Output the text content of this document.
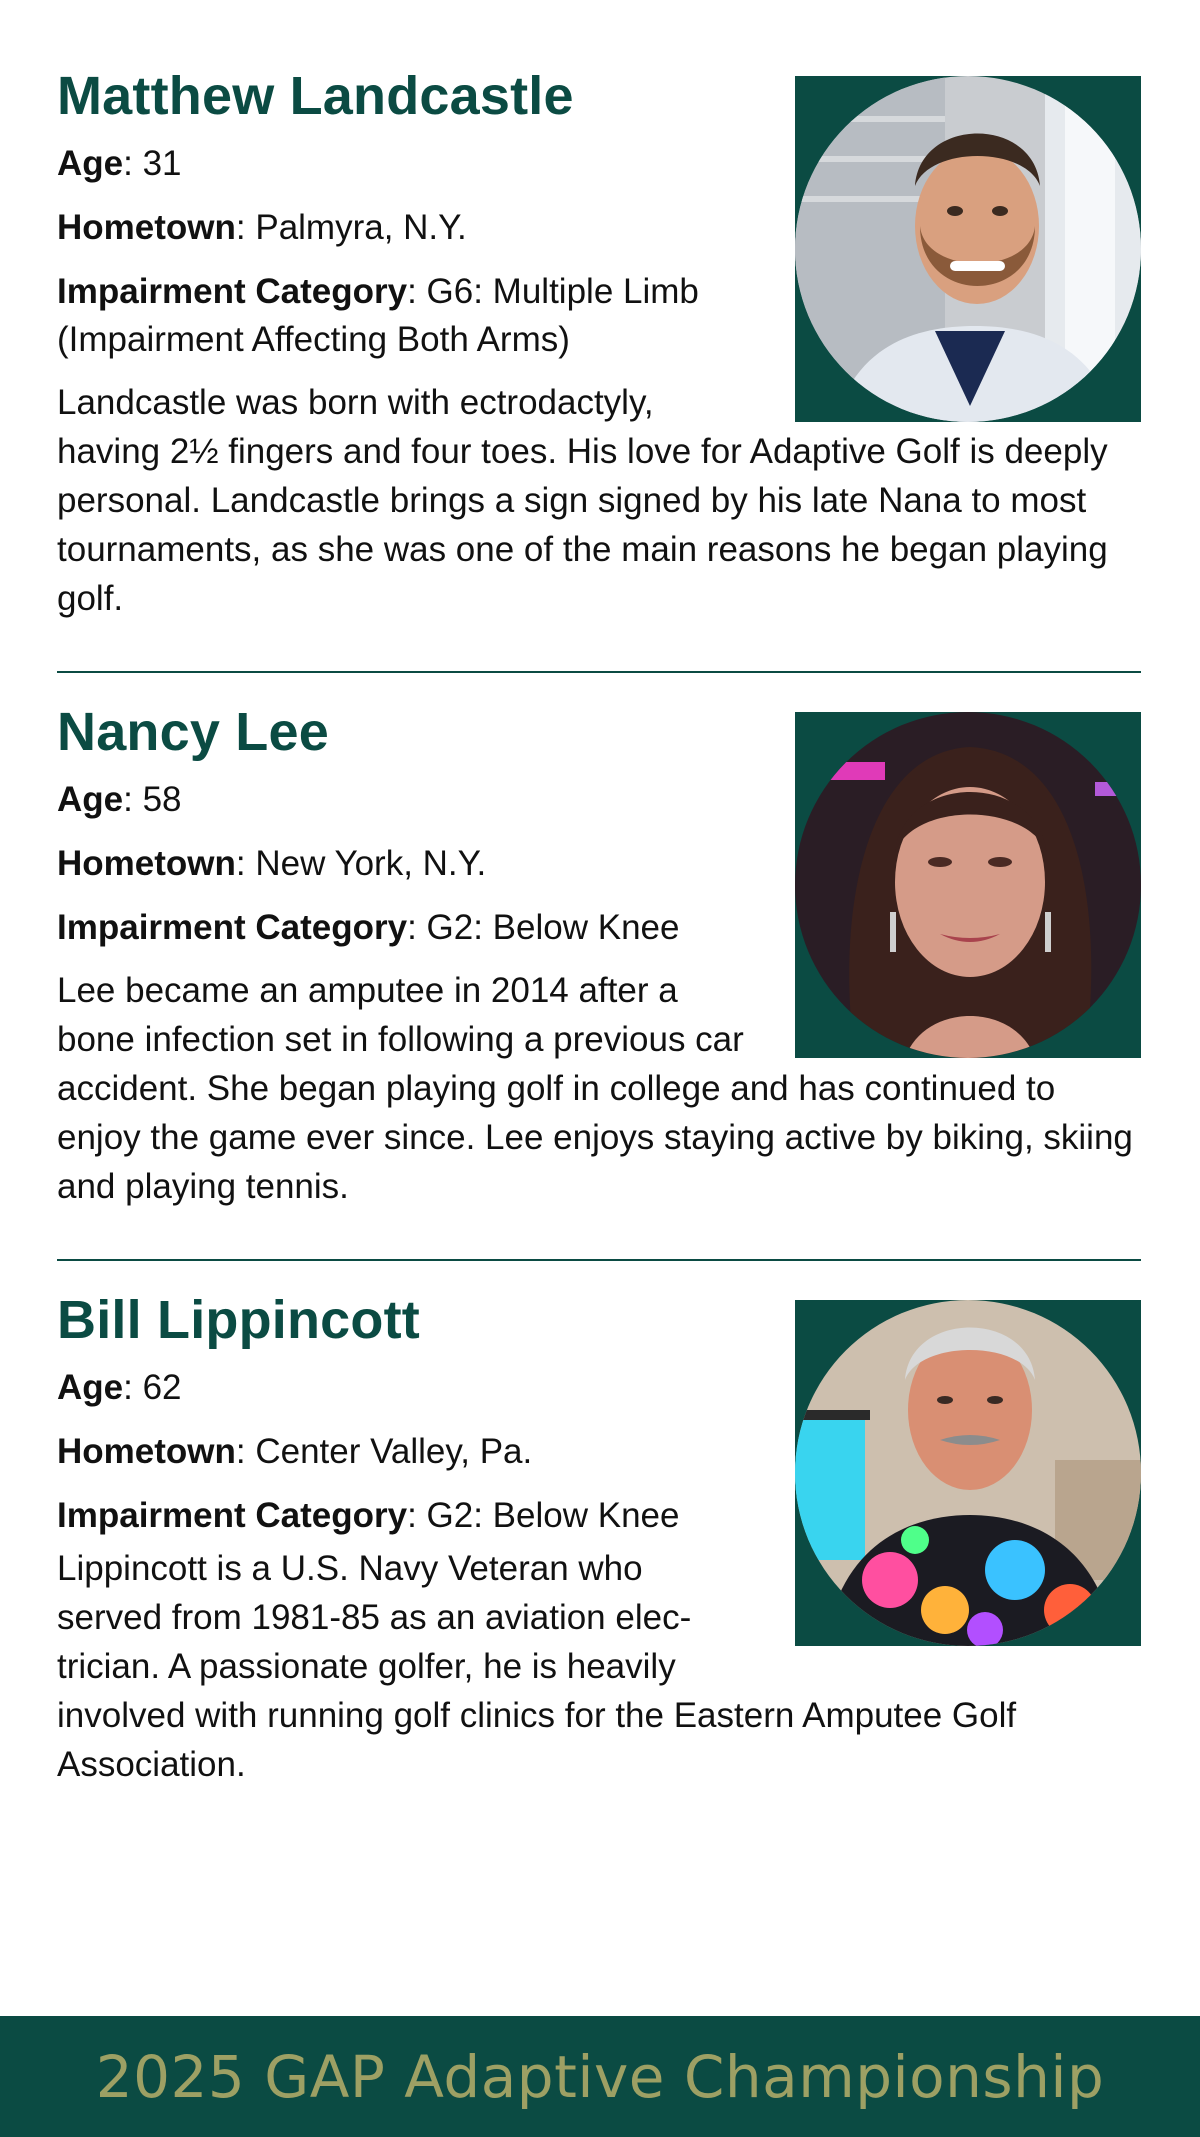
Matthew Landcastle

Age: 31

Hometown: Palmyra, N.Y.

Impairment Category: G6: Multiple Limb
(Impairment Affecting Both Arms)

Landcastle was born with ectrodactyly, having 2½ fingers and four toes. His love for Adaptive Golf is deeply personal. Landcastle brings a sign signed by his late Nana to most tournaments, as she was one of the main reasons he began playing golf.

Nancy Lee

Age: 58

Hometown: New York, N.Y.

Impairment Category: G2: Below Knee

Lee became an amputee in 2014 after a bone infection set in following a previous car accident. She began playing golf in college and has continued to enjoy the game ever since. Lee enjoys staying active by biking, skiing and playing tennis.

Bill Lippincott

Age: 62

Hometown: Center Valley, Pa.

Impairment Category: G2: Below Knee

Lippincott is a U.S. Navy Veteran who served from 1981-85 as an aviation electrician. A passionate golfer, he is heavily involved with running golf clinics for the Eastern Amputee Golf Association.

2025 GAP Adaptive Championship
